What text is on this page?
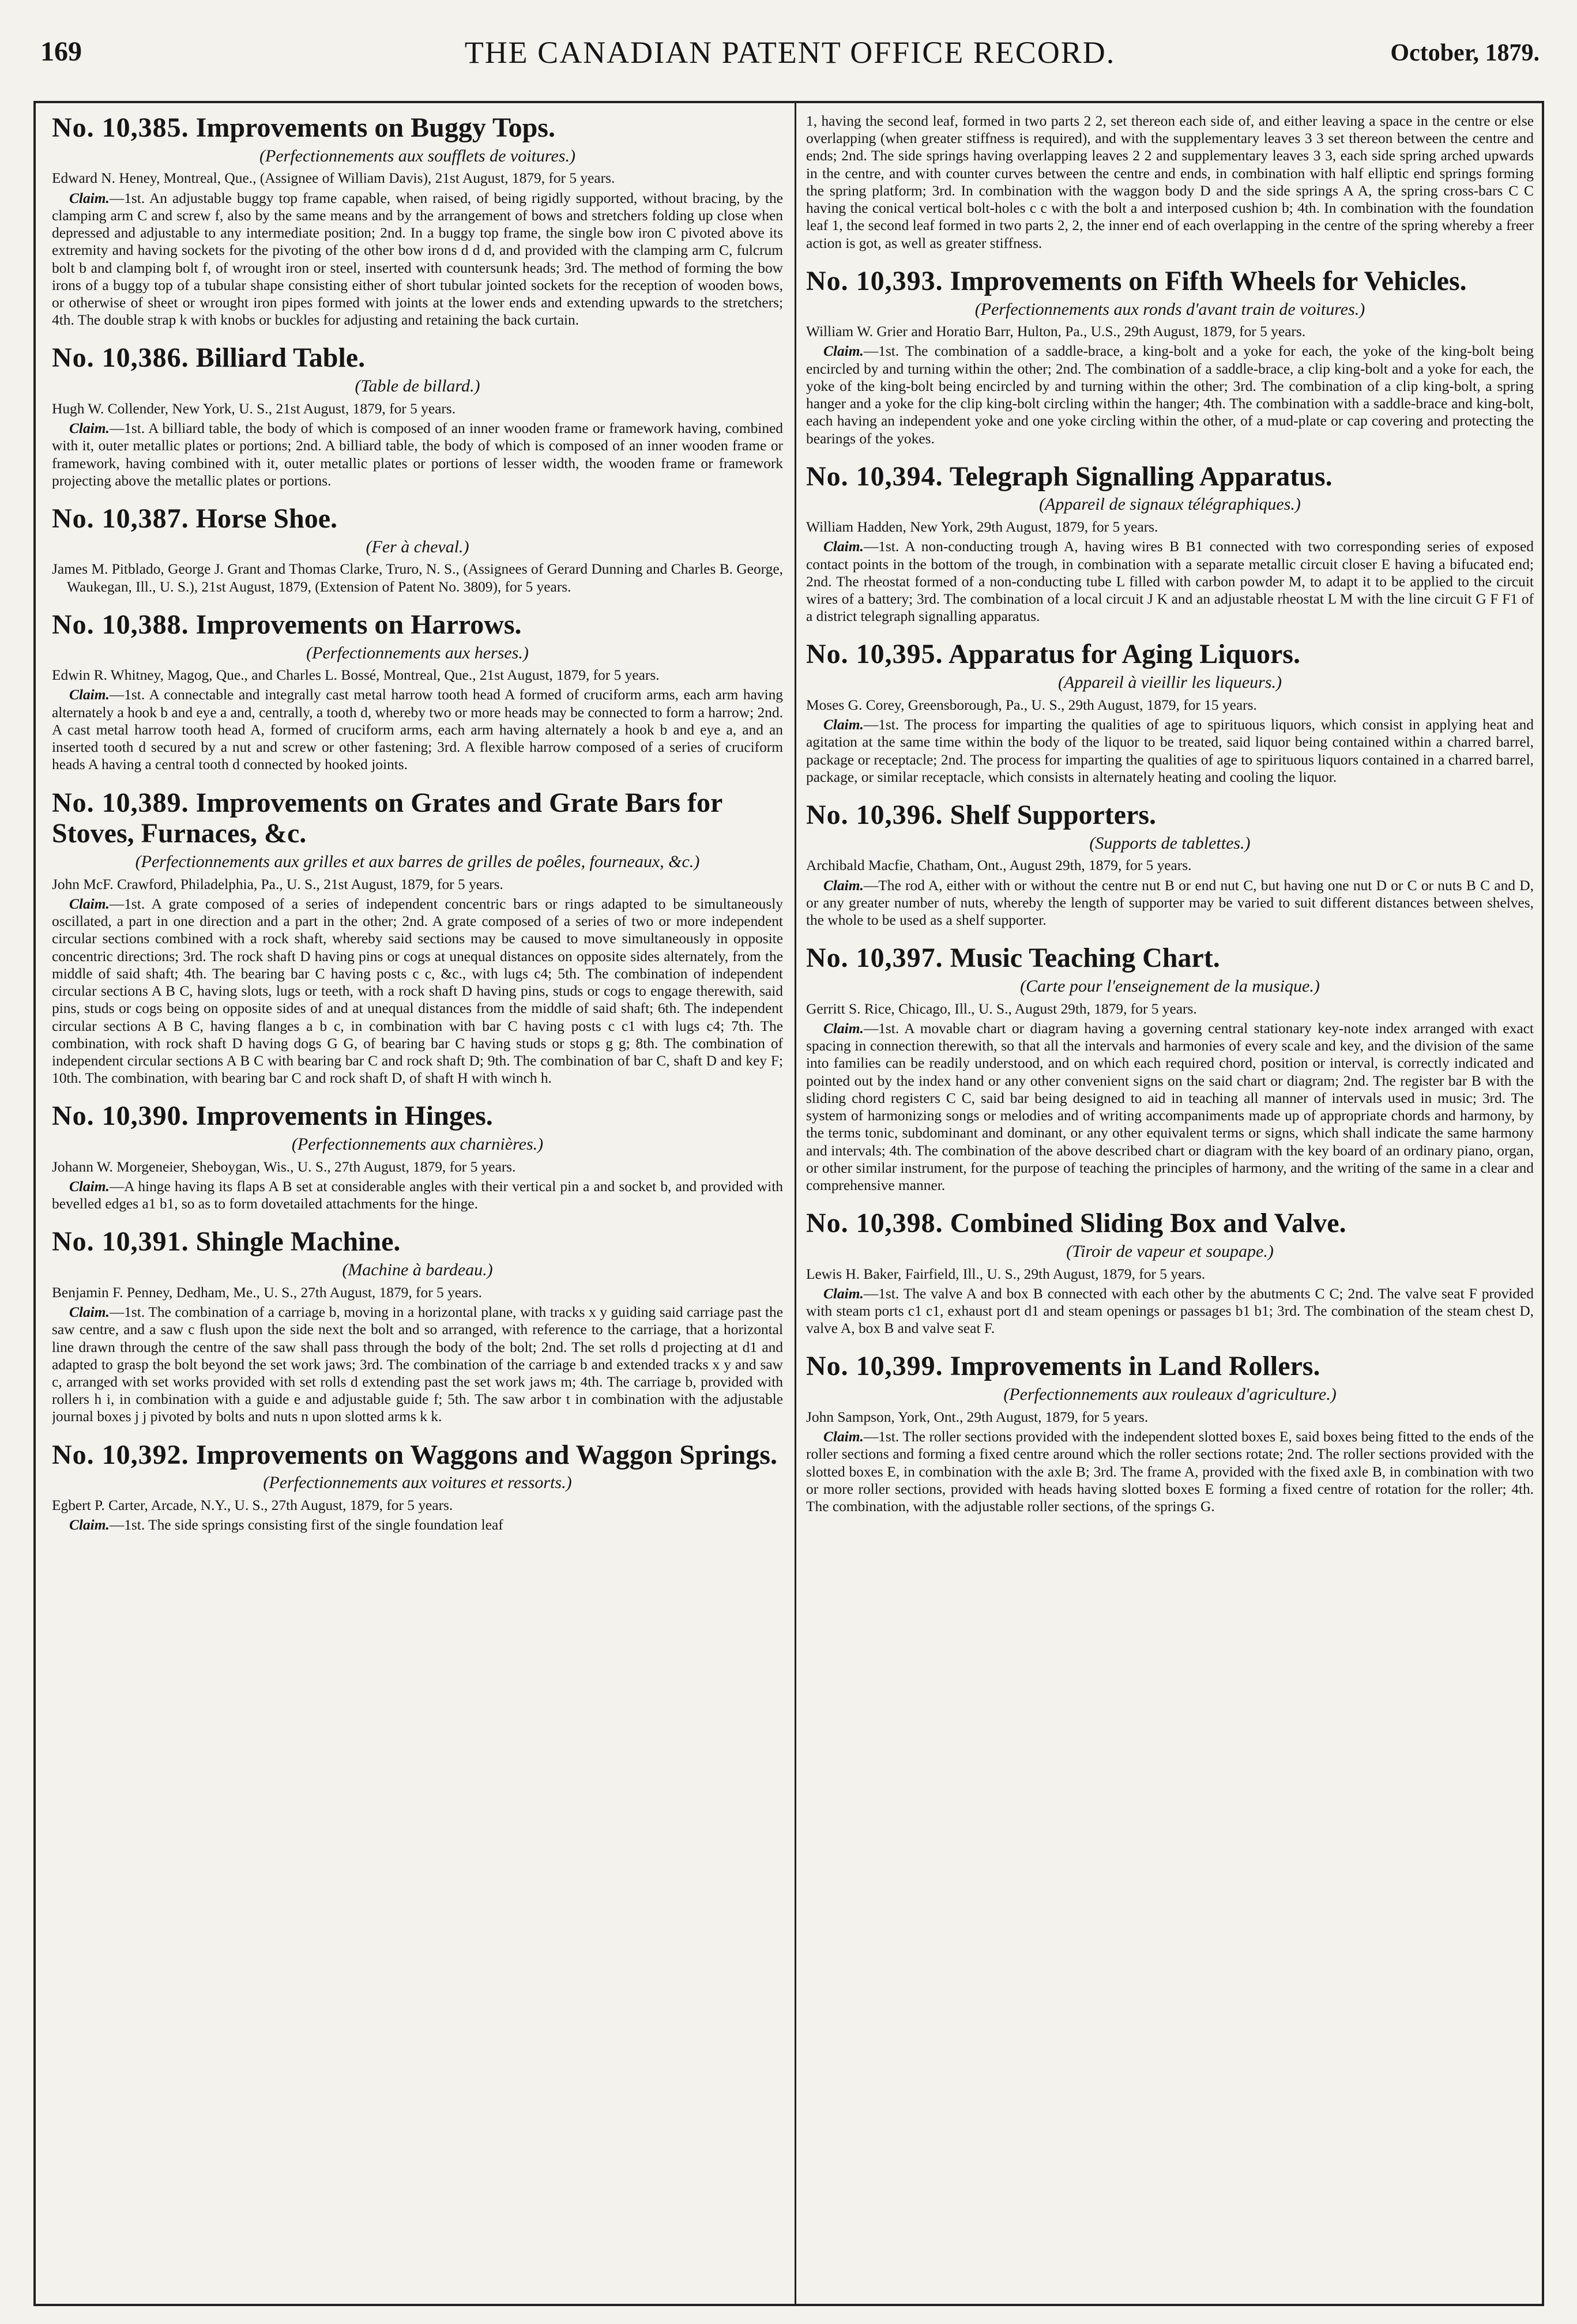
169	THE CANADIAN PATENT OFFICE RECORD.	October, 1879.
No. 10,385. Improvements on Buggy Tops.
(Perfectionnements aux soufflets de voitures.)
Edward N. Heney, Montreal, Que., (Assignee of William Davis), 21st August, 1879, for 5 years.

Claim.—1st. An adjustable buggy top frame capable, when raised, of being rigidly supported, without bracing, by the clamping arm C and screw f, also by the same means and by the arrangement of bows and stretchers folding up close when depressed and adjustable to any intermediate position; 2nd. In a buggy top frame, the single bow iron C pivoted above its extremity and having sockets for the pivoting of the other bow irons d d d, and provided with the clamping arm C, fulcrum bolt b and clamping bolt f, of wrought iron or steel, inserted with countersunk heads; 3rd. The method of forming the bow irons of a buggy top of a tubular shape consisting either of short tubular jointed sockets for the reception of wooden bows, or otherwise of sheet or wrought iron pipes formed with joints at the lower ends and extending upwards to the stretchers; 4th. The double strap k with knobs or buckles for adjusting and retaining the back curtain.

No. 10,386. Billiard Table.
(Table de billard.)
Hugh W. Collender, New York, U. S., 21st August, 1879, for 5 years.

Claim.—1st. A billiard table, the body of which is composed of an inner wooden frame or framework having, combined with it, outer metallic plates or portions; 2nd. A billiard table, the body of which is composed of an inner wooden frame or framework, having combined with it, outer metallic plates or portions of lesser width, the wooden frame or framework projecting above the metallic plates or portions.

No. 10,387. Horse Shoe.
(Fer à cheval.)
James M. Pitblado, George J. Grant and Thomas Clarke, Truro, N. S., (Assignees of Gerard Dunning and Charles B. George, Waukegan, Ill., U. S.), 21st August, 1879, (Extension of Patent No. 3809), for 5 years.
No. 10,388. Improvements on Harrows.
(Perfectionnements aux herses.)
Edwin R. Whitney, Magog, Que., and Charles L. Bossé, Montreal, Que., 21st August, 1879, for 5 years.

Claim.—1st. A connectable and integrally cast metal harrow tooth head A formed of cruciform arms, each arm having alternately a hook b and eye a and, centrally, a tooth d, whereby two or more heads may be connected to form a harrow; 2nd. A cast metal harrow tooth head A, formed of cruciform arms, each arm having alternately a hook b and eye a, and an inserted tooth d secured by a nut and screw or other fastening; 3rd. A flexible harrow composed of a series of cruciform heads A having a central tooth d connected by hooked joints.

No. 10,389. Improvements on Grates and Grate Bars for Stoves, Furnaces, &c.
(Perfectionnements aux grilles et aux barres de grilles de poêles, fourneaux, &c.)
John McF. Crawford, Philadelphia, Pa., U. S., 21st August, 1879, for 5 years.

Claim.—1st. A grate composed of a series of independent concentric bars or rings adapted to be simultaneously oscillated, a part in one direction and a part in the other; 2nd. A grate composed of a series of two or more independent circular sections combined with a rock shaft, whereby said sections may be caused to move simultaneously in opposite concentric directions; 3rd. The rock shaft D having pins or cogs at unequal distances on opposite sides alternately, from the middle of said shaft; 4th. The bearing bar C having posts c c, &c., with lugs c4; 5th. The combination of independent circular sections A B C, having slots, lugs or teeth, with a rock shaft D having pins, studs or cogs to engage therewith, said pins, studs or cogs being on opposite sides of and at unequal distances from the middle of said shaft; 6th. The independent circular sections A B C, having flanges a b c, in combination with bar C having posts c c1 with lugs c4; 7th. The combination, with rock shaft D having dogs G G, of bearing bar C having studs or stops g g; 8th. The combination of independent circular sections A B C with bearing bar C and rock shaft D; 9th. The combination of bar C, shaft D and key F; 10th. The combination, with bearing bar C and rock shaft D, of shaft H with winch h.

No. 10,390. Improvements in Hinges.
(Perfectionnements aux charnières.)
Johann W. Morgeneier, Sheboygan, Wis., U. S., 27th August, 1879, for 5 years.

Claim.—A hinge having its flaps A B set at considerable angles with their vertical pin a and socket b, and provided with bevelled edges a1 b1, so as to form dovetailed attachments for the hinge.

No. 10,391. Shingle Machine.
(Machine à bardeau.)
Benjamin F. Penney, Dedham, Me., U. S., 27th August, 1879, for 5 years.

Claim.—1st. The combination of a carriage b, moving in a horizontal plane, with tracks x y guiding said carriage past the saw centre, and a saw c flush upon the side next the bolt and so arranged, with reference to the carriage, that a horizontal line drawn through the centre of the saw shall pass through the body of the bolt; 2nd. The set rolls d projecting at d1 and adapted to grasp the bolt beyond the set work jaws; 3rd. The combination of the carriage b and extended tracks x y and saw c, arranged with set works provided with set rolls d extending past the set work jaws m; 4th. The carriage b, provided with rollers h i, in combination with a guide e and adjustable guide f; 5th. The saw arbor t in combination with the adjustable journal boxes j j pivoted by bolts and nuts n upon slotted arms k k.

No. 10,392. Improvements on Waggons and Waggon Springs.
(Perfectionnements aux voitures et ressorts.)
Egbert P. Carter, Arcade, N.Y., U. S., 27th August, 1879, for 5 years.

Claim.—1st. The side springs consisting first of the single foundation leaf

1, having the second leaf, formed in two parts 2 2, set thereon each side of, and either leaving a space in the centre or else overlapping (when greater stiffness is required), and with the supplementary leaves 3 3 set thereon between the centre and ends; 2nd. The side springs having overlapping leaves 2 2 and supplementary leaves 3 3, each side spring arched upwards in the centre, and with counter curves between the centre and ends, in combination with half elliptic end springs forming the spring platform; 3rd. In combination with the waggon body D and the side springs A A, the spring cross-bars C C having the conical vertical bolt-holes c c with the bolt a and interposed cushion b; 4th. In combination with the foundation leaf 1, the second leaf formed in two parts 2, 2, the inner end of each overlapping in the centre of the spring whereby a freer action is got, as well as greater stiffness.

No. 10,393. Improvements on Fifth Wheels for Vehicles.
(Perfectionnements aux ronds d'avant train de voitures.)
William W. Grier and Horatio Barr, Hulton, Pa., U.S., 29th August, 1879, for 5 years.

Claim.—1st. The combination of a saddle-brace, a king-bolt and a yoke for each, the yoke of the king-bolt being encircled by and turning within the other; 2nd. The combination of a saddle-brace, a clip king-bolt and a yoke for each, the yoke of the king-bolt being encircled by and turning within the other; 3rd. The combination of a clip king-bolt, a spring hanger and a yoke for the clip king-bolt circling within the hanger; 4th. The combination with a saddle-brace and king-bolt, each having an independent yoke and one yoke circling within the other, of a mud-plate or cap covering and protecting the bearings of the yokes.

No. 10,394. Telegraph Signalling Apparatus.
(Appareil de signaux télégraphiques.)
William Hadden, New York, 29th August, 1879, for 5 years.

Claim.—1st. A non-conducting trough A, having wires B B1 connected with two corresponding series of exposed contact points in the bottom of the trough, in combination with a separate metallic circuit closer E having a bifucated end; 2nd. The rheostat formed of a non-conducting tube L filled with carbon powder M, to adapt it to be applied to the circuit wires of a battery; 3rd. The combination of a local circuit J K and an adjustable rheostat L M with the line circuit G F F1 of a district telegraph signalling apparatus.

No. 10,395. Apparatus for Aging Liquors.
(Appareil à vieillir les liqueurs.)
Moses G. Corey, Greensborough, Pa., U. S., 29th August, 1879, for 15 years.

Claim.—1st. The process for imparting the qualities of age to spirituous liquors, which consist in applying heat and agitation at the same time within the body of the liquor to be treated, said liquor being contained within a charred barrel, package or receptacle; 2nd. The process for imparting the qualities of age to spirituous liquors contained in a charred barrel, package, or similar receptacle, which consists in alternately heating and cooling the liquor.

No. 10,396. Shelf Supporters.
(Supports de tablettes.)
Archibald Macfie, Chatham, Ont., August 29th, 1879, for 5 years.

Claim.—The rod A, either with or without the centre nut B or end nut C, but having one nut D or C or nuts B C and D, or any greater number of nuts, whereby the length of supporter may be varied to suit different distances between shelves, the whole to be used as a shelf supporter.

No. 10,397. Music Teaching Chart.
(Carte pour l'enseignement de la musique.)
Gerritt S. Rice, Chicago, Ill., U. S., August 29th, 1879, for 5 years.

Claim.—1st. A movable chart or diagram having a governing central stationary key-note index arranged with exact spacing in connection therewith, so that all the intervals and harmonies of every scale and key, and the division of the same into families can be readily understood, and on which each required chord, position or interval, is correctly indicated and pointed out by the index hand or any other convenient signs on the said chart or diagram; 2nd. The register bar B with the sliding chord registers C C, said bar being designed to aid in teaching all manner of intervals used in music; 3rd. The system of harmonizing songs or melodies and of writing accompaniments made up of appropriate chords and harmony, by the terms tonic, subdominant and dominant, or any other equivalent terms or signs, which shall indicate the same harmony and intervals; 4th. The combination of the above described chart or diagram with the key board of an ordinary piano, organ, or other similar instrument, for the purpose of teaching the principles of harmony, and the writing of the same in a clear and comprehensive manner.

No. 10,398. Combined Sliding Box and Valve.
(Tiroir de vapeur et soupape.)
Lewis H. Baker, Fairfield, Ill., U. S., 29th August, 1879, for 5 years.

Claim.—1st. The valve A and box B connected with each other by the abutments C C; 2nd. The valve seat F provided with steam ports c1 c1, exhaust port d1 and steam openings or passages b1 b1; 3rd. The combination of the steam chest D, valve A, box B and valve seat F.

No. 10,399. Improvements in Land Rollers.
(Perfectionnements aux rouleaux d'agriculture.)
John Sampson, York, Ont., 29th August, 1879, for 5 years.

Claim.—1st. The roller sections provided with the independent slotted boxes E, said boxes being fitted to the ends of the roller sections and forming a fixed centre around which the roller sections rotate; 2nd. The roller sections provided with the slotted boxes E, in combination with the axle B; 3rd. The frame A, provided with the fixed axle B, in combination with two or more roller sections, provided with heads having slotted boxes E forming a fixed centre of rotation for the roller; 4th. The combination, with the adjustable roller sections, of the springs G.
